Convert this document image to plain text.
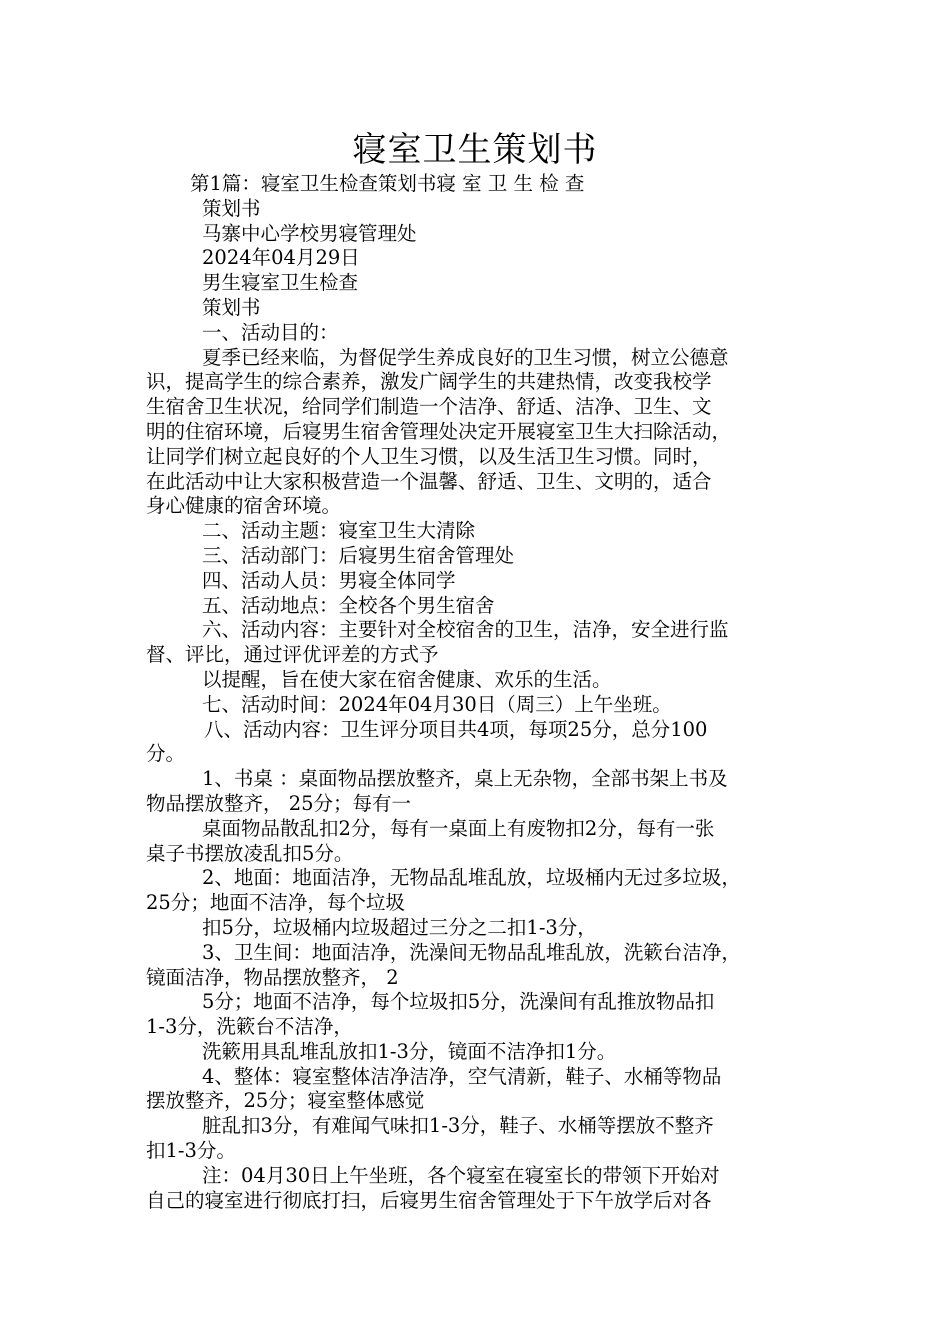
寝室卫生策划书
第1篇：寝室卫生检查策划书寝 室 卫 生 检 查
策划书
马寨中心学校男寝管理处
2024年04月29日
男生寝室卫生检查
策划书
一、活动目的：
夏季已经来临，为督促学生养成良好的卫生习惯，树立公德意
识，提高学生的综合素养，激发广阔学生的共建热情，改变我校学
生宿舍卫生状况，给同学们制造一个洁净、舒适、洁净、卫生、文
明的住宿环境，后寝男生宿舍管理处决定开展寝室卫生大扫除活动，
让同学们树立起良好的个人卫生习惯，以及生活卫生习惯。同时，
在此活动中让大家积极营造一个温馨、舒适、卫生、文明的，适合
身心健康的宿舍环境。
二、活动主题：寝室卫生大清除
三、活动部门：后寝男生宿舍管理处
四、活动人员：男寝全体同学
五、活动地点：全校各个男生宿舍
六、活动内容：主要针对全校宿舍的卫生，洁净，安全进行监
督、评比，通过评优评差的方式予
以提醒，旨在使大家在宿舍健康、欢乐的生活。
七、活动时间：2024年04月30日（周三）上午坐班。
八、活动内容：卫生评分项目共4项，每项25分，总分100
分。
1、书桌 ：桌面物品摆放整齐，桌上无杂物，全部书架上书及
物品摆放整齐， 25分；每有一
桌面物品散乱扣2分，每有一桌面上有废物扣2分，每有一张
桌子书摆放凌乱扣5分。
2、地面：地面洁净，无物品乱堆乱放，垃圾桶内无过多垃圾，
25分；地面不洁净，每个垃圾
扣5分，垃圾桶内垃圾超过三分之二扣1-3分，
3、卫生间：地面洁净，洗澡间无物品乱堆乱放，洗簌台洁净，
镜面洁净，物品摆放整齐， 2
5分；地面不洁净，每个垃圾扣5分，洗澡间有乱推放物品扣
1-3分，洗簌台不洁净，
洗簌用具乱堆乱放扣1-3分，镜面不洁净扣1分。
4、整体：寝室整体洁净洁净，空气清新，鞋子、水桶等物品
摆放整齐，25分；寝室整体感觉
脏乱扣3分，有难闻气味扣1-3分，鞋子、水桶等摆放不整齐
扣1-3分。
注：04月30日上午坐班，各个寝室在寝室长的带领下开始对
自己的寝室进行彻底打扫，后寝男生宿舍管理处于下午放学后对各
